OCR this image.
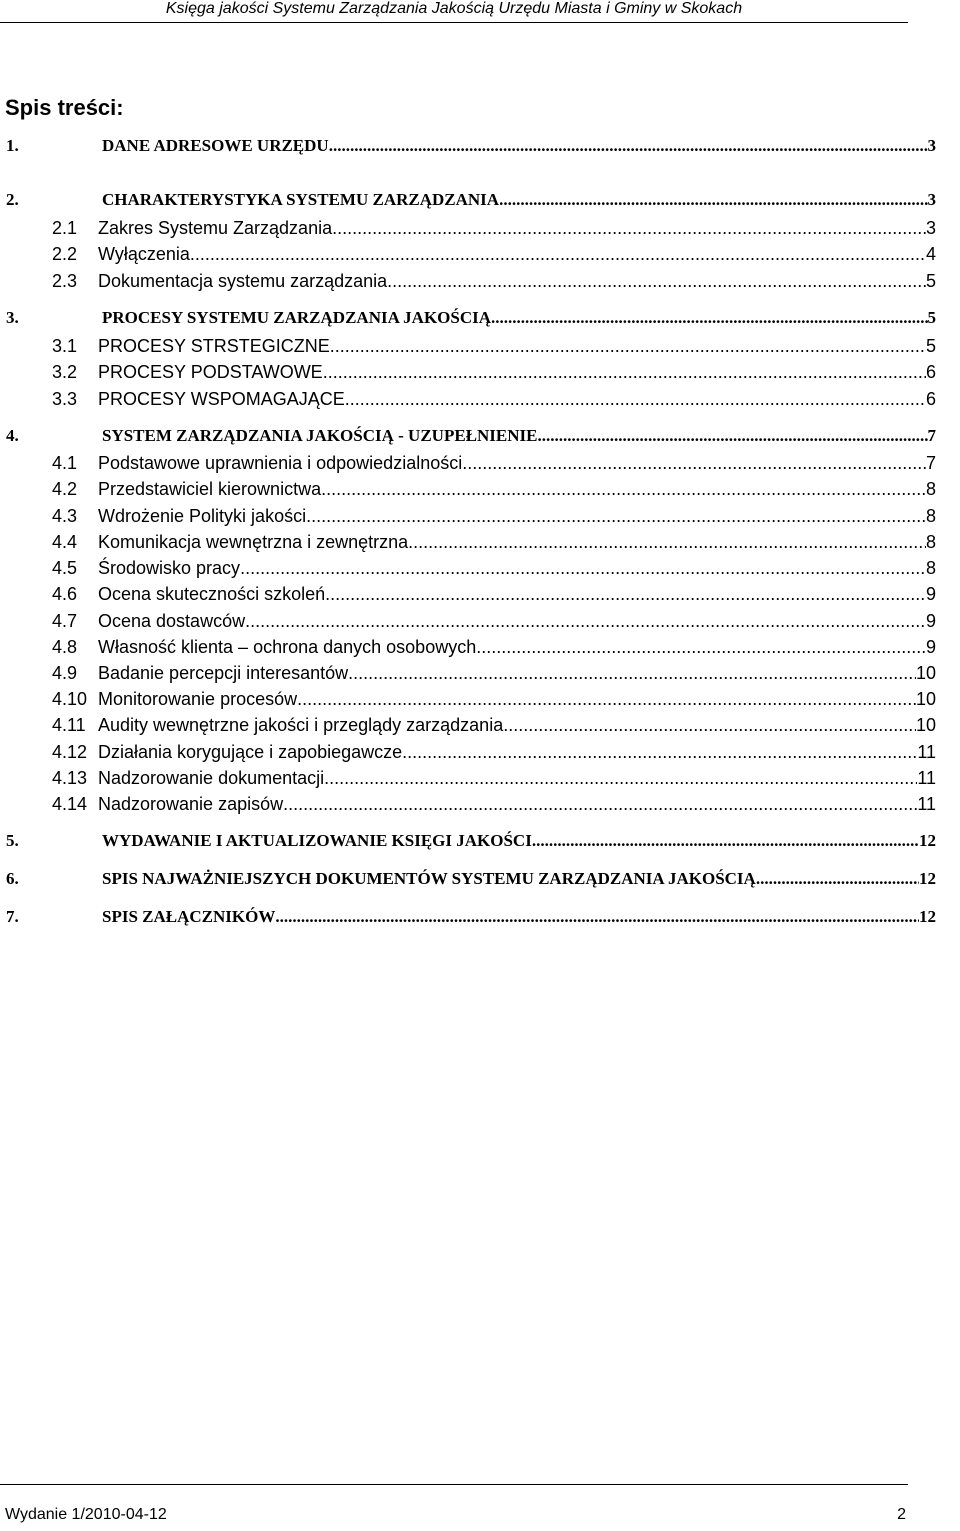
Księga jakości Systemu Zarządzania Jakością Urzędu Miasta i Gminy w Skokach
Spis treści:
1.	DANE ADRESOWE URZĘDU .....	3
2.	CHARAKTERYSTYKA SYSTEMU ZARZĄDZANIA .....	3
2.1	Zakres Systemu Zarządzania .....	3
2.2	Wyłączenia .....	4
2.3	Dokumentacja systemu zarządzania .....	5
3.	PROCESY SYSTEMU ZARZĄDZANIA JAKOŚCIĄ .....	5
3.1	PROCESY STRSTEGICZNE .....	5
3.2	PROCESY PODSTAWOWE .....	6
3.3	PROCESY WSPOMAGAJĄCE .....	6
4.	SYSTEM ZARZĄDZANIA JAKOŚCIĄ - UZUPEŁNIENIE .....	7
4.1	Podstawowe uprawnienia i odpowiedzialności .....	7
4.2	Przedstawiciel kierownictwa .....	8
4.3	Wdrożenie Polityki jakości .....	8
4.4	Komunikacja wewnętrzna i zewnętrzna .....	8
4.5	Środowisko pracy .....	8
4.6	Ocena skuteczności szkoleń .....	9
4.7	Ocena dostawców .....	9
4.8	Własność klienta – ochrona danych osobowych .....	9
4.9	Badanie percepcji interesantów .....	10
4.10 Monitorowanie procesów .....	10
4.11 Audity wewnętrzne jakości i przeglądy zarządzania .....	10
4.12 Działania korygujące i zapobiegawcze .....	11
4.13 Nadzorowanie dokumentacji .....	11
4.14 Nadzorowanie zapisów .....	11
5.	WYDAWANIE I AKTUALIZOWANIE KSIĘGI JAKOŚCI .....	12
6.	SPIS NAJWAŻNIEJSZYCH DOKUMENTÓW SYSTEMU ZARZĄDZANIA JAKOŚCIĄ .....	12
7.	SPIS ZAŁĄCZNIKÓW .....	12
Wydanie 1/2010-04-12	2
